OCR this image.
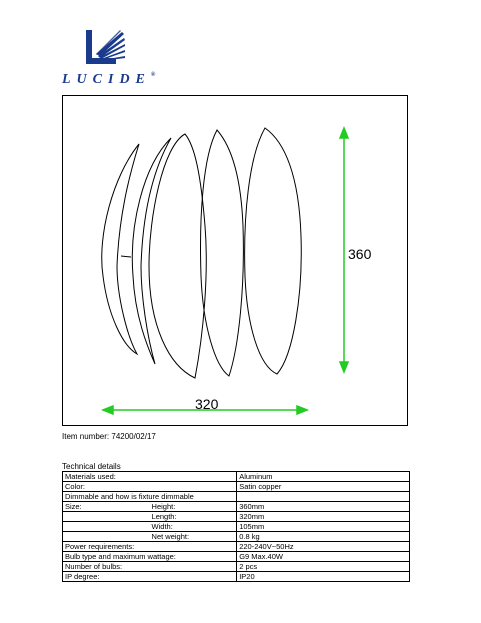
LUCIDE®
360
320
Item number: 74200/02/17
Technical details
Materials used:		Aluminum
Color:		Satin copper
Dimmable and how is fixture dimmable		
Size:	Height:	360mm
	Length:	320mm
	Width:	105mm
	Net weight:	0.8 kg
Power requirements:		220-240V~50Hz
Bulb type and maximum wattage:		G9 Max.40W
Number of bulbs:		2 pcs
IP degree:		IP20
